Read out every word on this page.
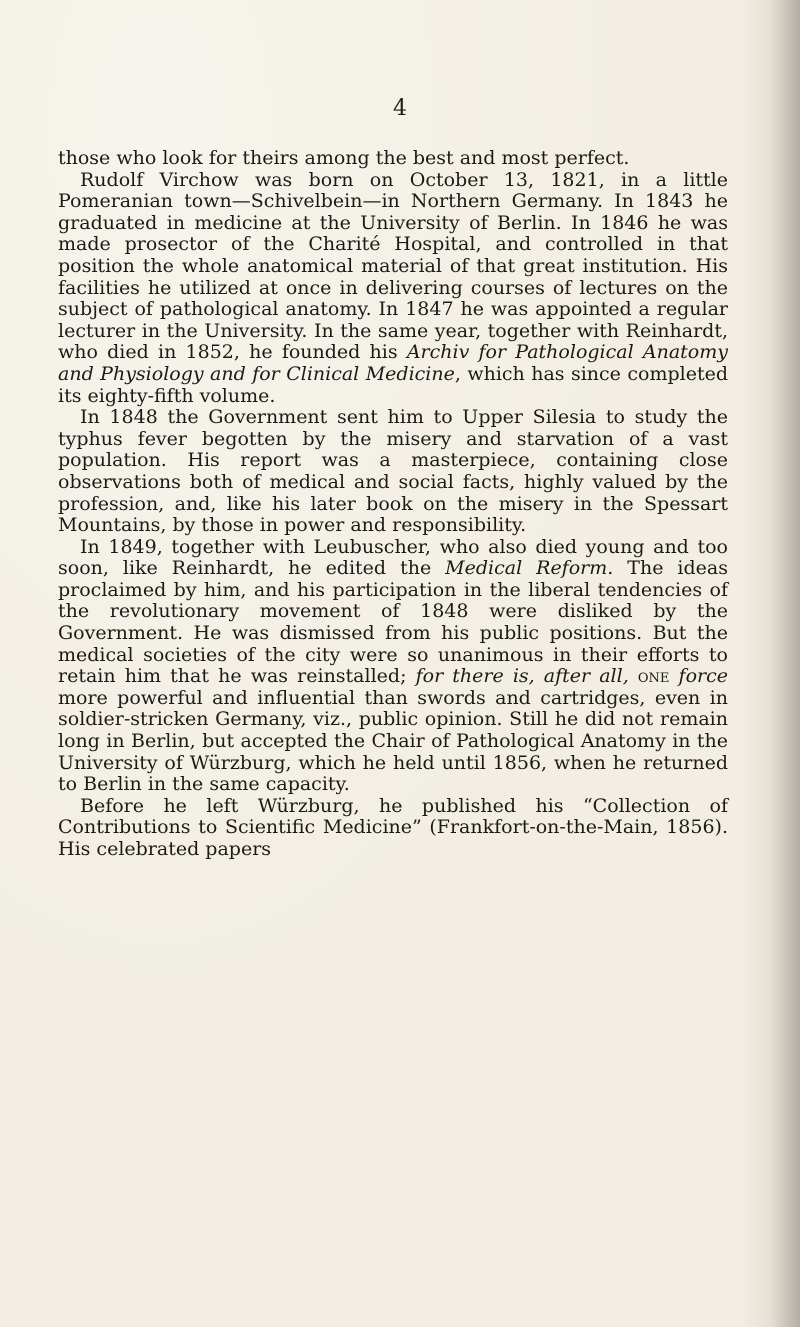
4

those who look for theirs among the best and most perfect.

Rudolf Virchow was born on October 13, 1821, in a little Pomeranian town—Schivelbein—in Northern Germany. In 1843 he graduated in medicine at the University of Berlin. In 1846 he was made prosector of the Charité Hospital, and controlled in that position the whole anatomical material of that great institution. His facilities he utilized at once in delivering courses of lectures on the subject of pathological anatomy. In 1847 he was appointed a regular lecturer in the University. In the same year, together with Reinhardt, who died in 1852, he founded his Archiv for Pathological Anatomy and Physiology and for Clinical Medicine, which has since completed its eighty-fifth volume.

In 1848 the Government sent him to Upper Silesia to study the typhus fever begotten by the misery and starvation of a vast population. His report was a masterpiece, containing close observations both of medical and social facts, highly valued by the profession, and, like his later book on the misery in the Spessart Mountains, by those in power and responsibility.

In 1849, together with Leubuscher, who also died young and too soon, like Reinhardt, he edited the Medical Reform. The ideas proclaimed by him, and his participation in the liberal tendencies of the revolutionary movement of 1848 were disliked by the Government. He was dismissed from his public positions. But the medical societies of the city were so unanimous in their efforts to retain him that he was reinstalled; for there is, after all, one force more powerful and influential than swords and cartridges, even in soldier-stricken Germany, viz., public opinion. Still he did not remain long in Berlin, but accepted the Chair of Pathological Anatomy in the University of Würzburg, which he held until 1856, when he returned to Berlin in the same capacity.

Before he left Würzburg, he published his “Collection of Contributions to Scientific Medicine” (Frankfort-on-the-Main, 1856). His celebrated papers
